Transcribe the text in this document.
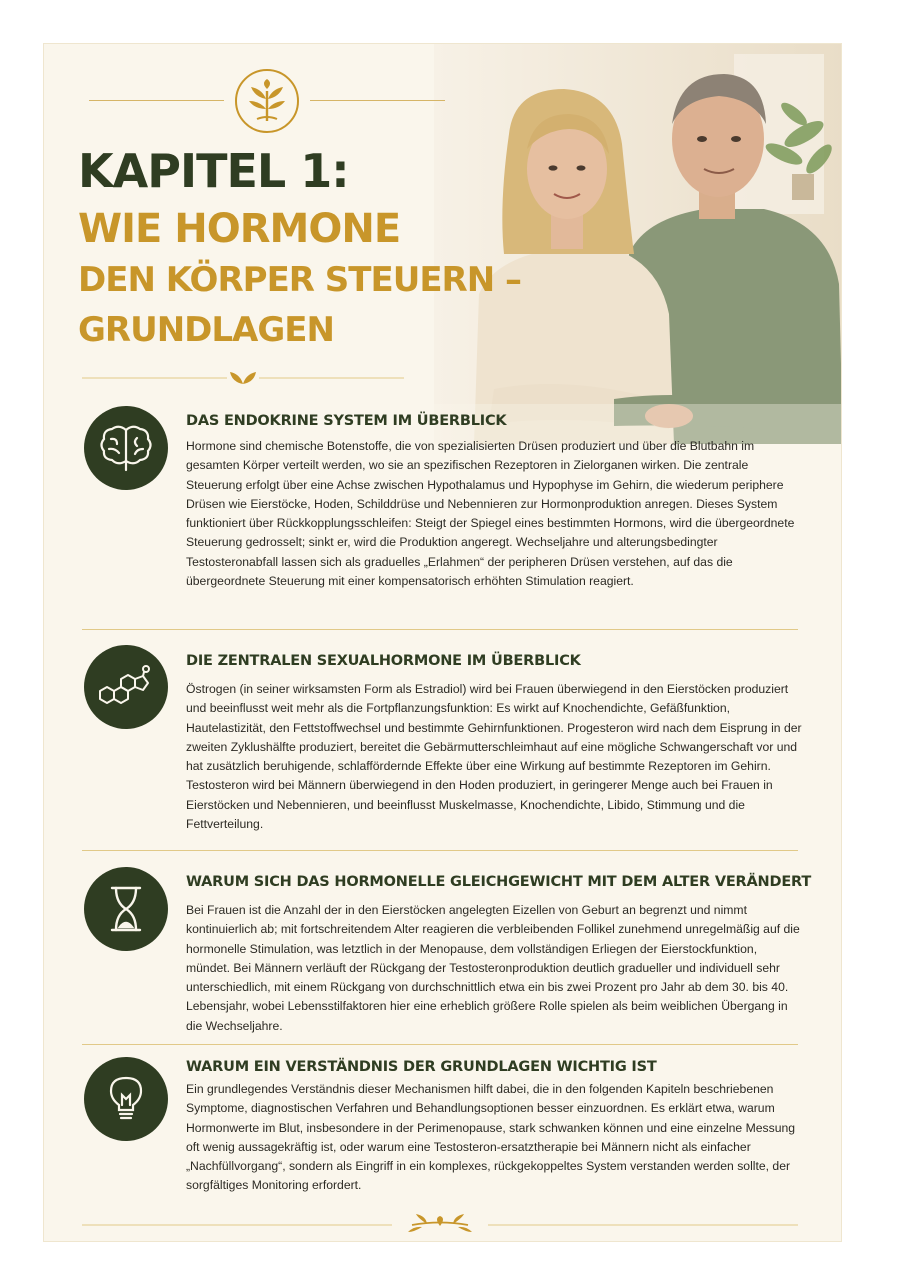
KAPITEL 1:
WIE HORMONE
DEN KÖRPER STEUERN –
GRUNDLAGEN
DAS ENDOKRINE SYSTEM IM ÜBERBLICK

Hormone sind chemische Botenstoffe, die von spezialisierten Drüsen produziert und über die Blutbahn im gesamten Körper verteilt werden, wo sie an spezifischen Rezeptoren in Zielorganen wirken. Die zentrale Steuerung erfolgt über eine Achse zwischen Hypothalamus und Hypophyse im Gehirn, die wiederum periphere Drüsen wie Eierstöcke, Hoden, Schilddrüse und Nebennieren zur Hormonproduktion anregen. Dieses System funktioniert über Rückkopplungsschleifen: Steigt der Spiegel eines bestimmten Hormons, wird die übergeordnete Steuerung gedrosselt; sinkt er, wird die Produktion angeregt. Wechseljahre und alterungsbedingter Testosteronabfall lassen sich als graduelles „Erlahmen“ der peripheren Drüsen verstehen, auf das die übergeordnete Steuerung mit einer kompensatorisch erhöhten Stimulation reagiert.

DIE ZENTRALEN SEXUALHORMONE IM ÜBERBLICK

Östrogen (in seiner wirksamsten Form als Estradiol) wird bei Frauen überwiegend in den Eierstöcken produziert und beeinflusst weit mehr als die Fortpflanzungsfunktion: Es wirkt auf Knochendichte, Gefäßfunktion, Hautelastizität, den Fettstoffwechsel und bestimmte Gehirnfunktionen. Progesteron wird nach dem Eisprung in der zweiten Zyklushälfte produziert, bereitet die Gebärmutterschleimhaut auf eine mögliche Schwangerschaft vor und hat zusätzlich beruhigende, schlaffördernde Effekte über eine Wirkung auf bestimmte Rezeptoren im Gehirn. Testosteron wird bei Männern überwiegend in den Hoden produziert, in geringerer Menge auch bei Frauen in Eierstöcken und Nebennieren, und beeinflusst Muskelmasse, Knochendichte, Libido, Stimmung und die Fettverteilung.

WARUM SICH DAS HORMONELLE GLEICHGEWICHT MIT DEM ALTER VERÄNDERT

Bei Frauen ist die Anzahl der in den Eierstöcken angelegten Eizellen von Geburt an begrenzt und nimmt kontinuierlich ab; mit fortschreitendem Alter reagieren die verbleibenden Follikel zunehmend unregelmäßig auf die hormonelle Stimulation, was letztlich in der Menopause, dem vollständigen Erliegen der Eierstockfunktion, mündet. Bei Männern verläuft der Rückgang der Testosteronproduktion deutlich gradueller und individuell sehr unterschiedlich, mit einem Rückgang von durchschnittlich etwa ein bis zwei Prozent pro Jahr ab dem 30. bis 40. Lebensjahr, wobei Lebensstilfaktoren hier eine erheblich größere Rolle spielen als beim weiblichen Übergang in die Wechseljahre.

WARUM EIN VERSTÄNDNIS DER GRUNDLAGEN WICHTIG IST

Ein grundlegendes Verständnis dieser Mechanismen hilft dabei, die in den folgenden Kapiteln beschriebenen Symptome, diagnostischen Verfahren und Behandlungsoptionen besser einzuordnen. Es erklärt etwa, warum Hormonwerte im Blut, insbesondere in der Perimenopause, stark schwanken können und eine einzelne Messung oft wenig aussagekräftig ist, oder warum eine Testosteron-ersatztherapie bei Männern nicht als einfacher „Nachfüllvorgang“, sondern als Eingriff in ein komplexes, rückgekoppeltes System verstanden werden sollte, der sorgfältiges Monitoring erfordert.
